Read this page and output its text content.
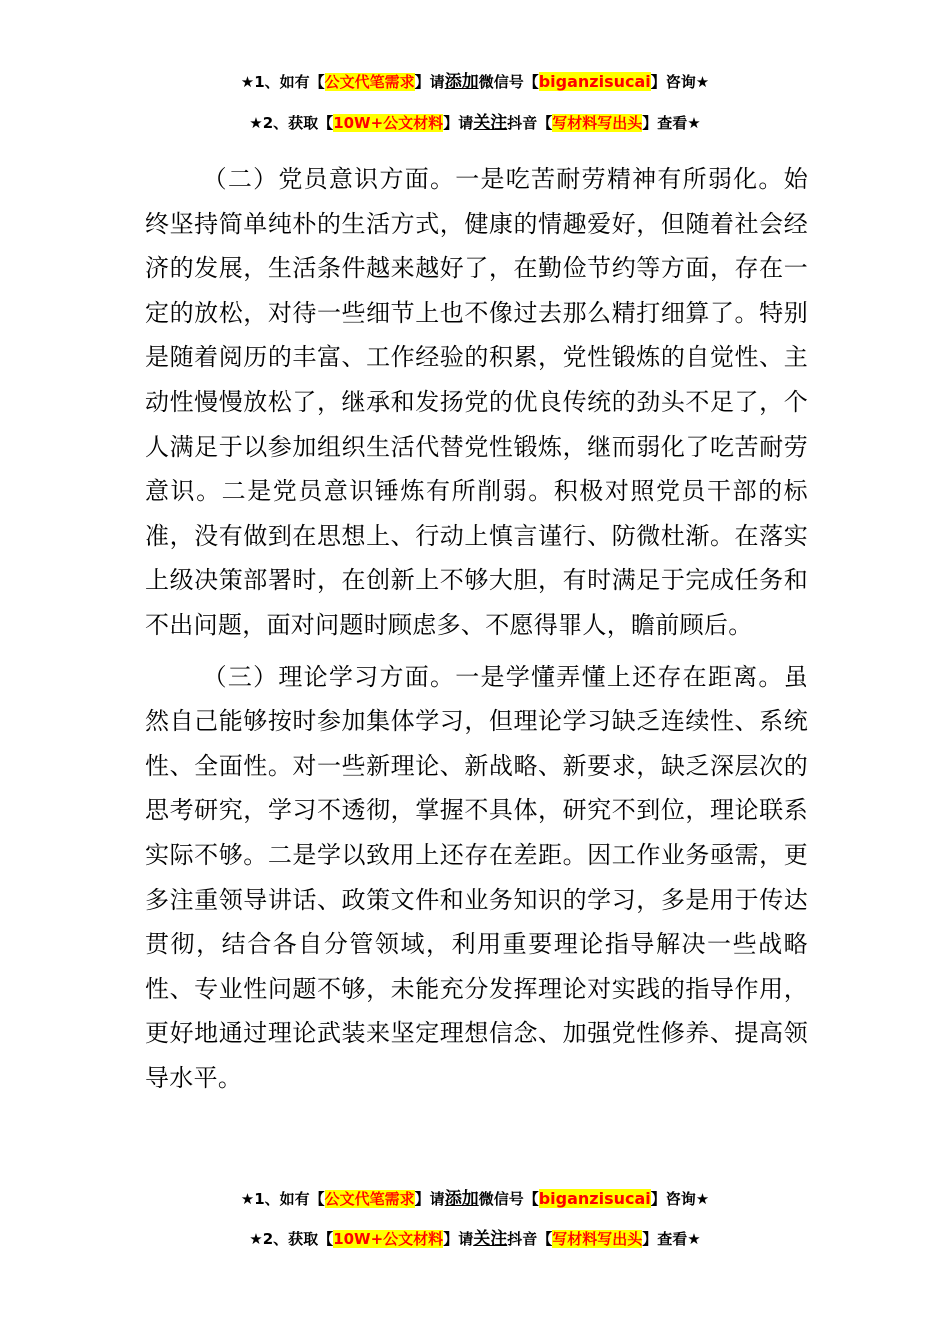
★1、如有【公文代笔需求】请添加微信号【biganzisucai】咨询★
★2、获取【10W+公文材料】请关注抖音【写材料写出头】查看★

（二）党员意识方面。一是吃苦耐劳精神有所弱化。始终坚持简单纯朴的生活方式，健康的情趣爱好，但随着社会经济的发展，生活条件越来越好了，在勤俭节约等方面，存在一定的放松，对待一些细节上也不像过去那么精打细算了。特别是随着阅历的丰富、工作经验的积累，党性锻炼的自觉性、主动性慢慢放松了，继承和发扬党的优良传统的劲头不足了，个人满足于以参加组织生活代替党性锻炼，继而弱化了吃苦耐劳意识。二是党员意识锤炼有所削弱。积极对照党员干部的标准，没有做到在思想上、行动上慎言谨行、防微杜渐。在落实上级决策部署时，在创新上不够大胆，有时满足于完成任务和不出问题，面对问题时顾虑多、不愿得罪人，瞻前顾后。

（三）理论学习方面。一是学懂弄懂上还存在距离。虽然自己能够按时参加集体学习，但理论学习缺乏连续性、系统性、全面性。对一些新理论、新战略、新要求，缺乏深层次的思考研究，学习不透彻，掌握不具体，研究不到位，理论联系实际不够。二是学以致用上还存在差距。因工作业务亟需，更多注重领导讲话、政策文件和业务知识的学习，多是用于传达贯彻，结合各自分管领域，利用重要理论指导解决一些战略性、专业性问题不够，未能充分发挥理论对实践的指导作用，更好地通过理论武装来坚定理想信念、加强党性修养、提高领导水平。

★1、如有【公文代笔需求】请添加微信号【biganzisucai】咨询★
★2、获取【10W+公文材料】请关注抖音【写材料写出头】查看★
